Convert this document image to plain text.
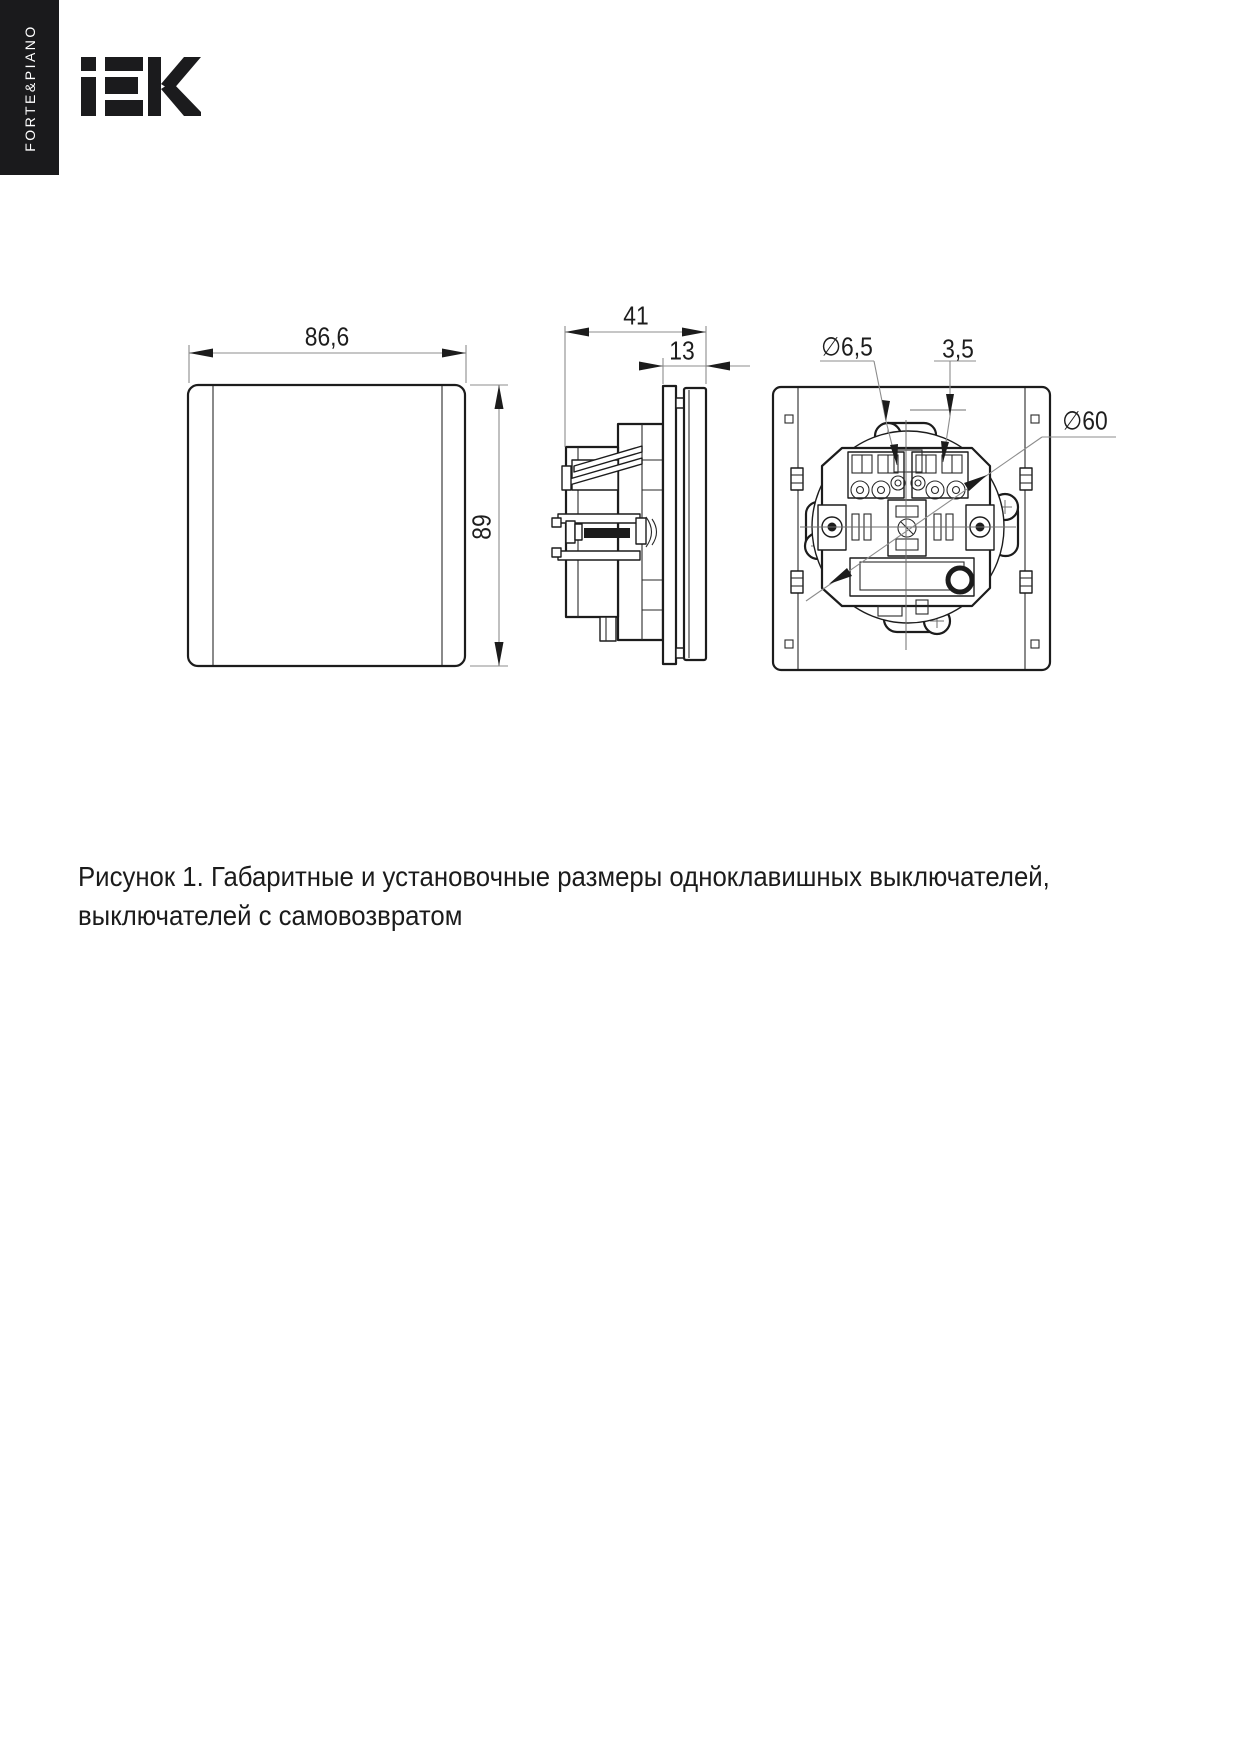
FORTE&PIANO
86,6
89
41
13	∅6,5	3,5
∅60
Рисунок 1. Габаритные и установочные размеры одноклавишных выключателей,
выключателей с самовозвратом
